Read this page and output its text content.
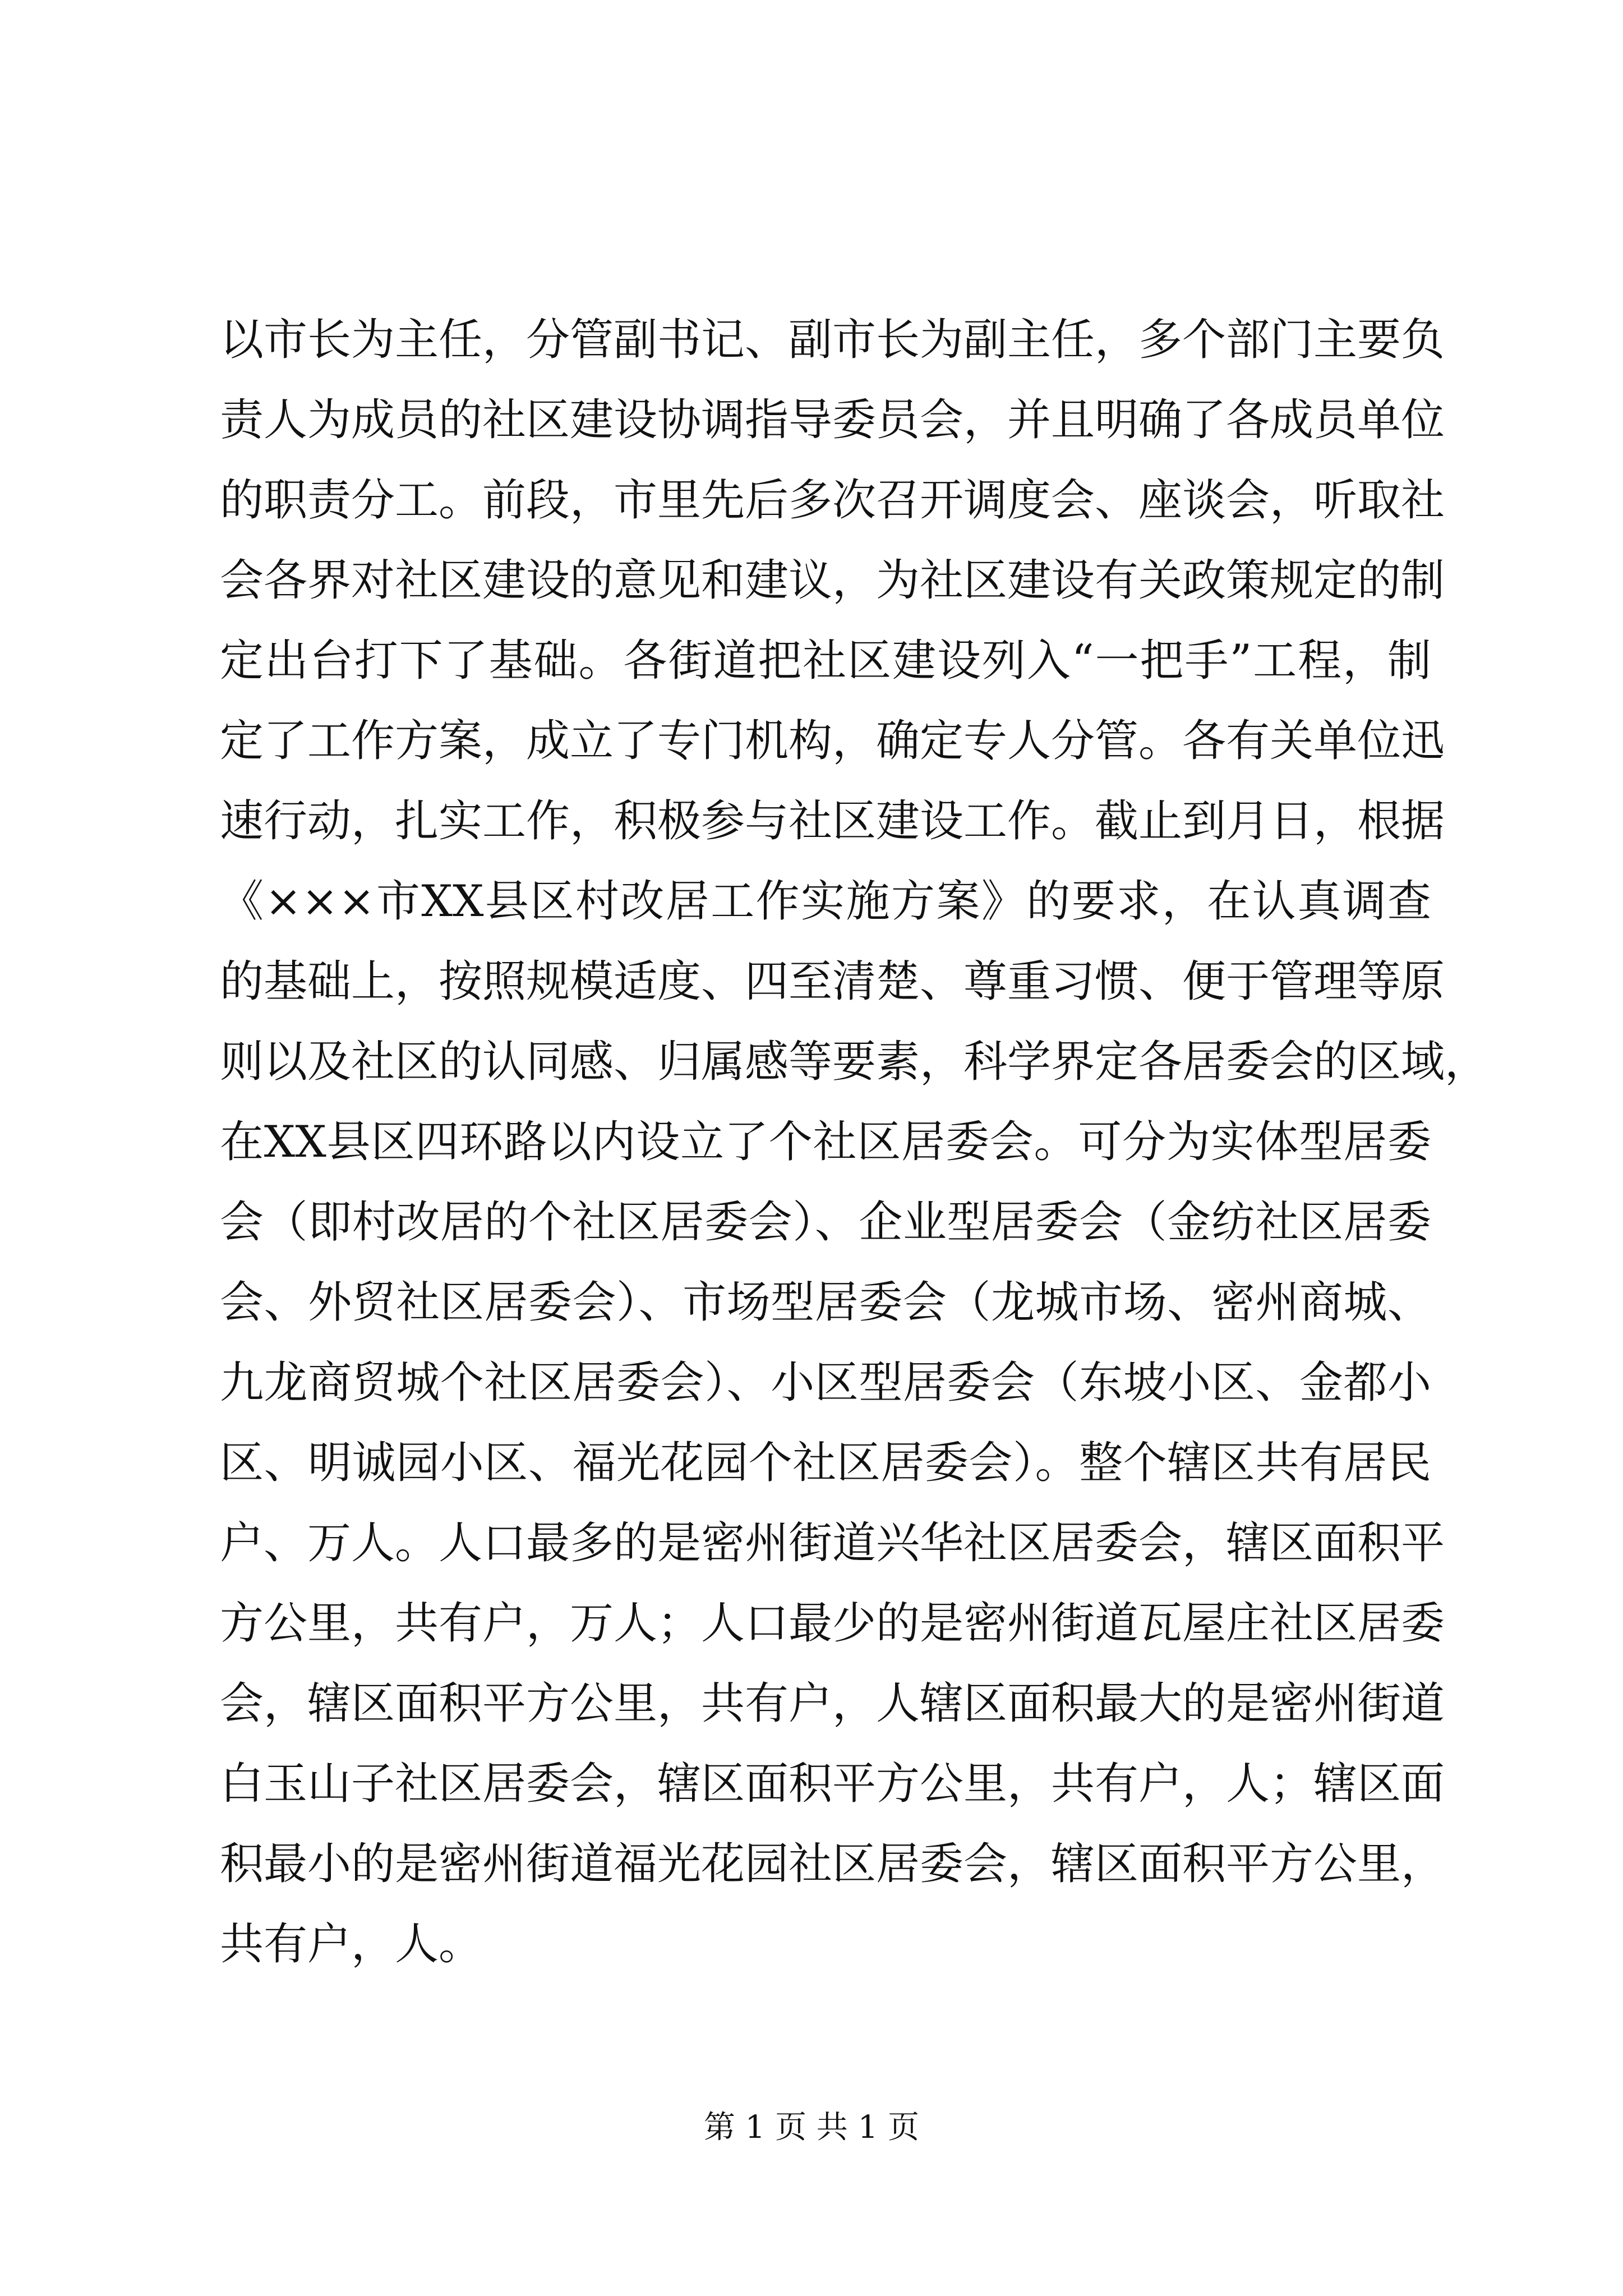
以市长为主任，分管副书记、副市长为副主任，多个部门主要负
责人为成员的社区建设协调指导委员会，并且明确了各成员单位
的职责分工。前段，市里先后多次召开调度会、座谈会，听取社
会各界对社区建设的意见和建议，为社区建设有关政策规定的制
定出台打下了基础。各街道把社区建设列入“一把手”工程，制
定了工作方案，成立了专门机构，确定专人分管。各有关单位迅
速行动，扎实工作，积极参与社区建设工作。截止到月日，根据
《×××市XX县区村改居工作实施方案》的要求，在认真调查
的基础上，按照规模适度、四至清楚、尊重习惯、便于管理等原
则以及社区的认同感、归属感等要素，科学界定各居委会的区域，
在XX县区四环路以内设立了个社区居委会。可分为实体型居委
会（即村改居的个社区居委会）、企业型居委会（金纺社区居委
会、外贸社区居委会）、市场型居委会（龙城市场、密州商城、
九龙商贸城个社区居委会）、小区型居委会（东坡小区、金都小
区、明诚园小区、福光花园个社区居委会）。整个辖区共有居民
户、万人。人口最多的是密州街道兴华社区居委会，辖区面积平
方公里，共有户，万人；人口最少的是密州街道瓦屋庄社区居委
会，辖区面积平方公里，共有户，人辖区面积最大的是密州街道
白玉山子社区居委会，辖区面积平方公里，共有户，人；辖区面
积最小的是密州街道福光花园社区居委会，辖区面积平方公里，
共有户，人。
第 1 页 共 1 页
